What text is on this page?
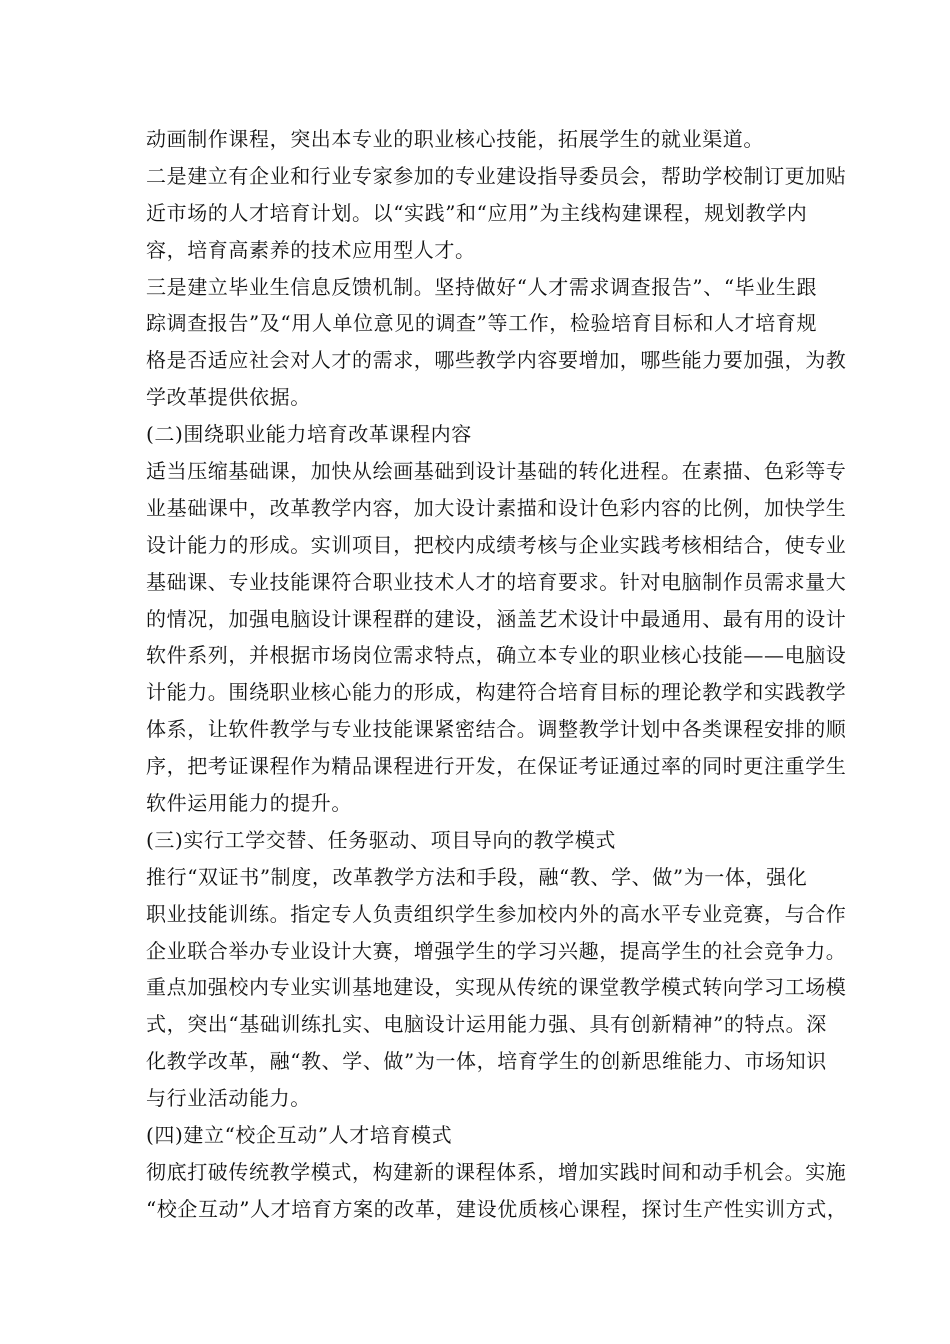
动画制作课程，突出本专业的职业核心技能，拓展学生的就业渠道。
二是建立有企业和行业专家参加的专业建设指导委员会，帮助学校制订更加贴
近市场的人才培育计划。以“实践”和“应用”为主线构建课程，规划教学内
容，培育高素养的技术应用型人才。
三是建立毕业生信息反馈机制。坚持做好“人才需求调查报告”、“毕业生跟
踪调查报告”及“用人单位意见的调查”等工作，检验培育目标和人才培育规
格是否适应社会对人才的需求，哪些教学内容要增加，哪些能力要加强，为教
学改革提供依据。
(二)围绕职业能力培育改革课程内容
适当压缩基础课，加快从绘画基础到设计基础的转化进程。在素描、色彩等专
业基础课中，改革教学内容，加大设计素描和设计色彩内容的比例，加快学生
设计能力的形成。实训项目，把校内成绩考核与企业实践考核相结合，使专业
基础课、专业技能课符合职业技术人才的培育要求。针对电脑制作员需求量大
的情况，加强电脑设计课程群的建设，涵盖艺术设计中最通用、最有用的设计
软件系列，并根据市场岗位需求特点，确立本专业的职业核心技能——电脑设
计能力。围绕职业核心能力的形成，构建符合培育目标的理论教学和实践教学
体系，让软件教学与专业技能课紧密结合。调整教学计划中各类课程安排的顺
序，把考证课程作为精品课程进行开发，在保证考证通过率的同时更注重学生
软件运用能力的提升。
(三)实行工学交替、任务驱动、项目导向的教学模式
推行“双证书”制度，改革教学方法和手段，融“教、学、做”为一体，强化
职业技能训练。指定专人负责组织学生参加校内外的高水平专业竞赛，与合作
企业联合举办专业设计大赛，增强学生的学习兴趣，提高学生的社会竞争力。
重点加强校内专业实训基地建设，实现从传统的课堂教学模式转向学习工场模
式，突出“基础训练扎实、电脑设计运用能力强、具有创新精神”的特点。深
化教学改革，融“教、学、做”为一体，培育学生的创新思维能力、市场知识
与行业活动能力。
(四)建立“校企互动”人才培育模式
彻底打破传统教学模式，构建新的课程体系，增加实践时间和动手机会。实施
“校企互动”人才培育方案的改革，建设优质核心课程，探讨生产性实训方式，
